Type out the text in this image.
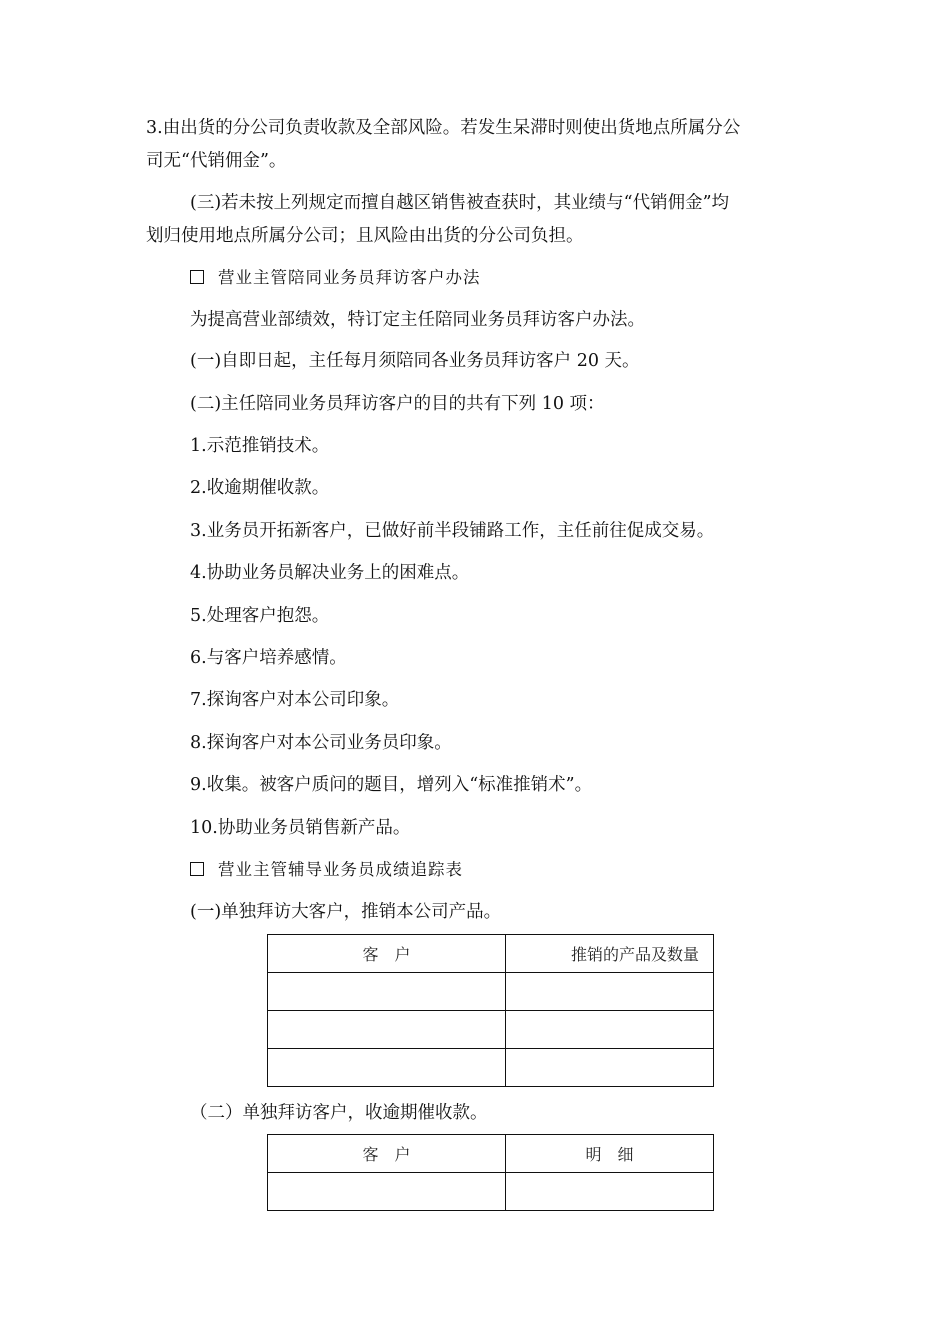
3.由出货的分公司负责收款及全部风险。若发生呆滞时则使出货地点所属分公
司无“代销佣金”。
(三)若未按上列规定而擅自越区销售被查获时，其业绩与“代销佣金”均
划归使用地点所属分公司；且风险由出货的分公司负担。
营业主管陪同业务员拜访客户办法
为提高营业部绩效，特订定主任陪同业务员拜访客户办法。
(一)自即日起，主任每月须陪同各业务员拜访客户 20 天。
(二)主任陪同业务员拜访客户的目的共有下列 10 项：
1.示范推销技术。
2.收逾期催收款。
3.业务员开拓新客户，已做好前半段铺路工作，主任前往促成交易。
4.协助业务员解决业务上的困难点。
5.处理客户抱怨。
6.与客户培养感情。
7.探询客户对本公司印象。
8.探询客户对本公司业务员印象。
9.收集。被客户质问的题目，增列入“标准推销术”。
10.协助业务员销售新产品。
营业主管辅导业务员成绩追踪表
(一)单独拜访大客户，推销本公司产品。
客　户	推销的产品及数量

（二）单独拜访客户，收逾期催收款。
客　户	明　细
